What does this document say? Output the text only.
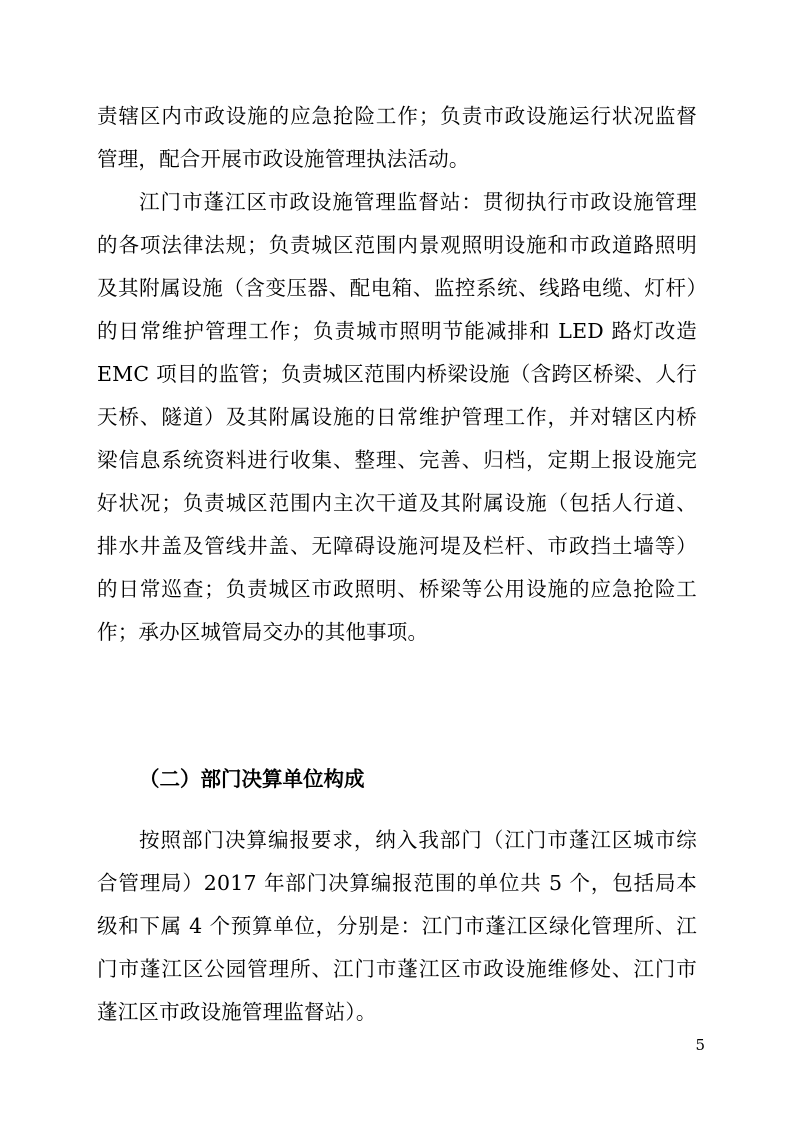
责辖区内市政设施的应急抢险工作；负责市政设施运行状况监督管理，配合开展市政设施管理执法活动。

江门市蓬江区市政设施管理监督站：贯彻执行市政设施管理的各项法律法规；负责城区范围内景观照明设施和市政道路照明及其附属设施（含变压器、配电箱、监控系统、线路电缆、灯杆）的日常维护管理工作；负责城市照明节能减排和 LED 路灯改造 EMC 项目的监管；负责城区范围内桥梁设施（含跨区桥梁、人行天桥、隧道）及其附属设施的日常维护管理工作，并对辖区内桥梁信息系统资料进行收集、整理、完善、归档，定期上报设施完好状况；负责城区范围内主次干道及其附属设施（包括人行道、排水井盖及管线井盖、无障碍设施河堤及栏杆、市政挡土墙等）的日常巡查；负责城区市政照明、桥梁等公用设施的应急抢险工作；承办区城管局交办的其他事项。

（二）部门决算单位构成

按照部门决算编报要求，纳入我部门（江门市蓬江区城市综合管理局）2017 年部门决算编报范围的单位共 5 个，包括局本级和下属 4 个预算单位，分别是：江门市蓬江区绿化管理所、江门市蓬江区公园管理所、江门市蓬江区市政设施维修处、江门市蓬江区市政设施管理监督站）。

5
